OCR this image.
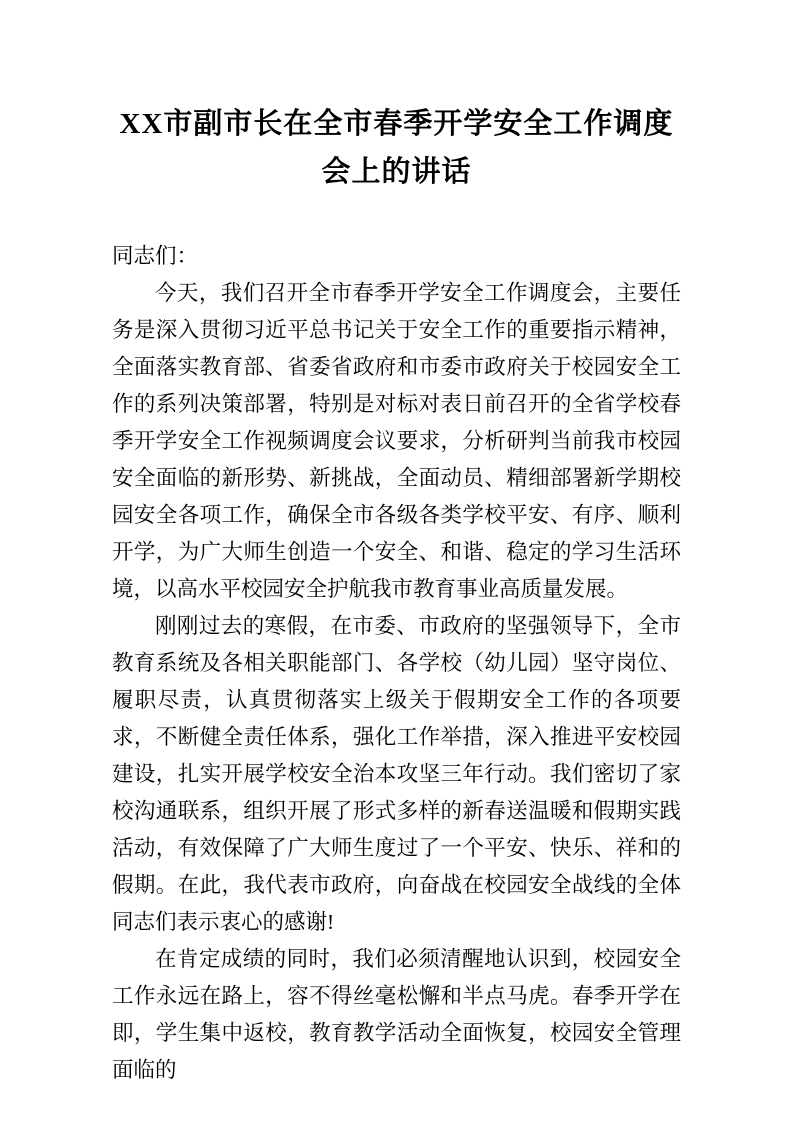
XX市副市长在全市春季开学安全工作调度会上的讲话

同志们：

今天，我们召开全市春季开学安全工作调度会，主要任务是深入贯彻习近平总书记关于安全工作的重要指示精神，全面落实教育部、省委省政府和市委市政府关于校园安全工作的系列决策部署，特别是对标对表日前召开的全省学校春季开学安全工作视频调度会议要求，分析研判当前我市校园安全面临的新形势、新挑战，全面动员、精细部署新学期校园安全各项工作，确保全市各级各类学校平安、有序、顺利开学，为广大师生创造一个安全、和谐、稳定的学习生活环境，以高水平校园安全护航我市教育事业高质量发展。

刚刚过去的寒假，在市委、市政府的坚强领导下，全市教育系统及各相关职能部门、各学校（幼儿园）坚守岗位、履职尽责，认真贯彻落实上级关于假期安全工作的各项要求，不断健全责任体系，强化工作举措，深入推进平安校园建设，扎实开展学校安全治本攻坚三年行动。我们密切了家校沟通联系，组织开展了形式多样的新春送温暖和假期实践活动，有效保障了广大师生度过了一个平安、快乐、祥和的假期。在此，我代表市政府，向奋战在校园安全战线的全体同志们表示衷心的感谢!

在肯定成绩的同时，我们必须清醒地认识到，校园安全工作永远在路上，容不得丝毫松懈和半点马虎。春季开学在即，学生集中返校，教育教学活动全面恢复，校园安全管理面临的
